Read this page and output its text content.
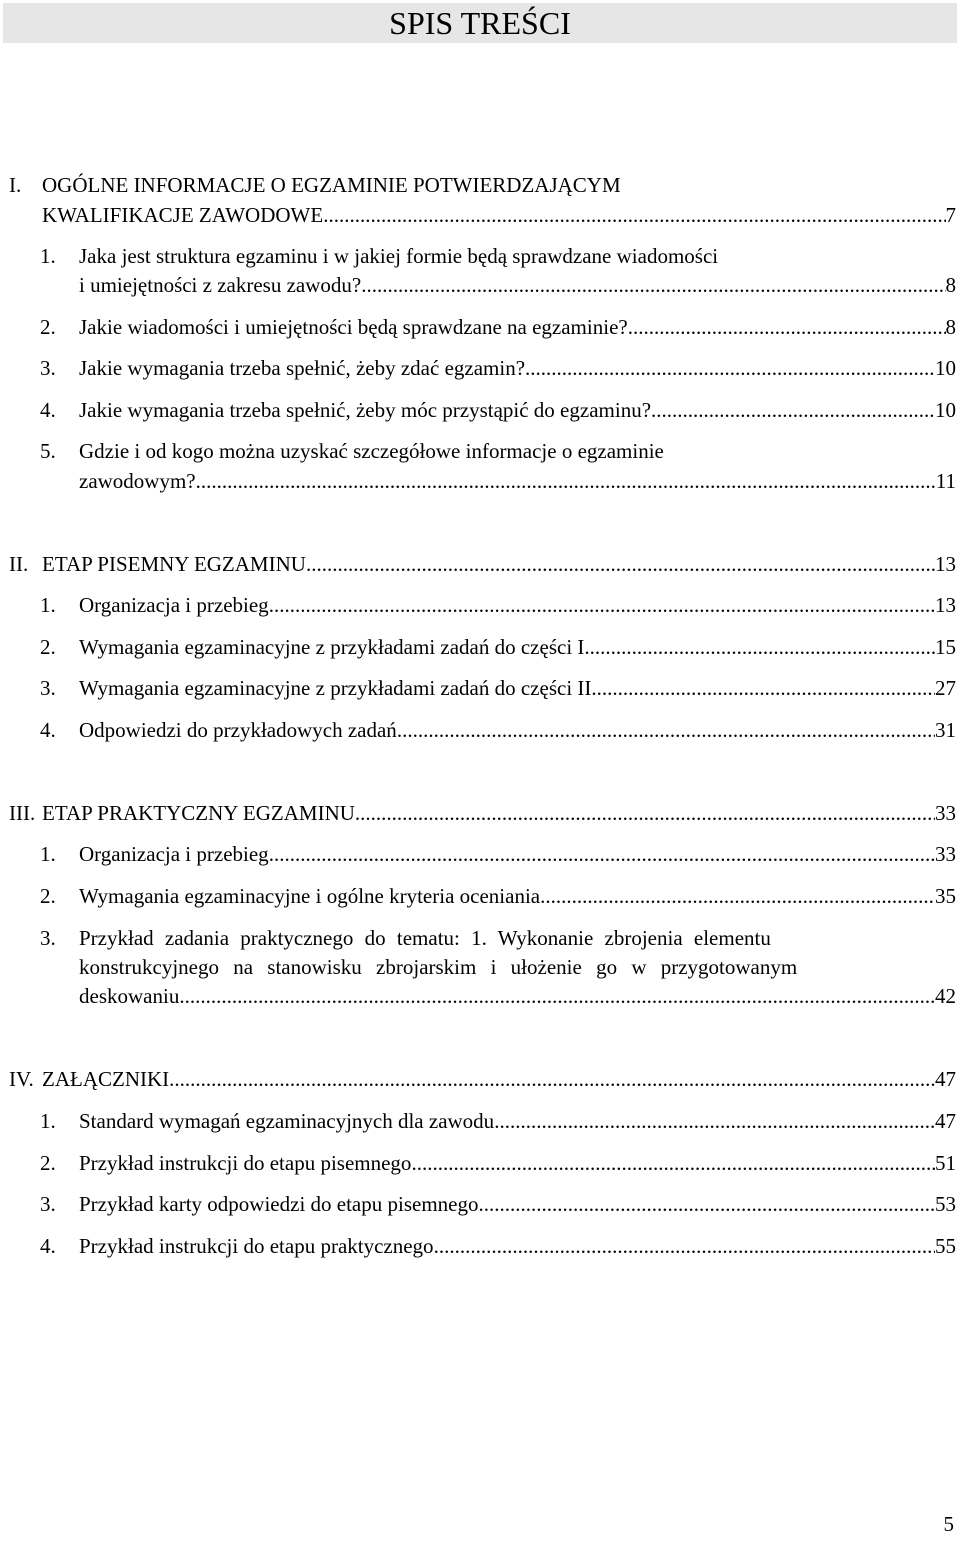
SPIS TREŚCI
I. OGÓLNE INFORMACJE O EGZAMINIE POTWIERDZAJĄCYM
KWALIFIKACJE ZAWODOWE .....	7
1. Jaka jest struktura egzaminu i w jakiej formie będą sprawdzane wiadomości
i umiejętności z zakresu zawodu? .....	8
2. Jakie wiadomości i umiejętności będą sprawdzane na egzaminie? .....	8
3. Jakie wymagania trzeba spełnić, żeby zdać egzamin? .....	10
4. Jakie wymagania trzeba spełnić, żeby móc przystąpić do egzaminu? .....	10
5. Gdzie i od kogo można uzyskać szczegółowe informacje o egzaminie
zawodowym? .....	11
II. ETAP PISEMNY EGZAMINU .....	13
1. Organizacja i przebieg .....	13
2. Wymagania egzaminacyjne z przykładami zadań do części I .....	15
3. Wymagania egzaminacyjne z przykładami zadań do części II .....	27
4. Odpowiedzi do przykładowych zadań .....	31
III. ETAP PRAKTYCZNY EGZAMINU .....	33
1. Organizacja i przebieg .....	33
2. Wymagania egzaminacyjne i ogólne kryteria oceniania .....	35
3. Przykład zadania praktycznego do tematu: 1. Wykonanie zbrojenia elementu
konstrukcyjnego na stanowisku zbrojarskim i ułożenie go w przygotowanym
deskowaniu. .....	42
IV. ZAŁĄCZNIKI .....	47
1. Standard wymagań egzaminacyjnych dla zawodu .....	47
2. Przykład instrukcji do etapu pisemnego .....	51
3. Przykład karty odpowiedzi do etapu pisemnego .....	53
4. Przykład instrukcji do etapu praktycznego .....	55
5
